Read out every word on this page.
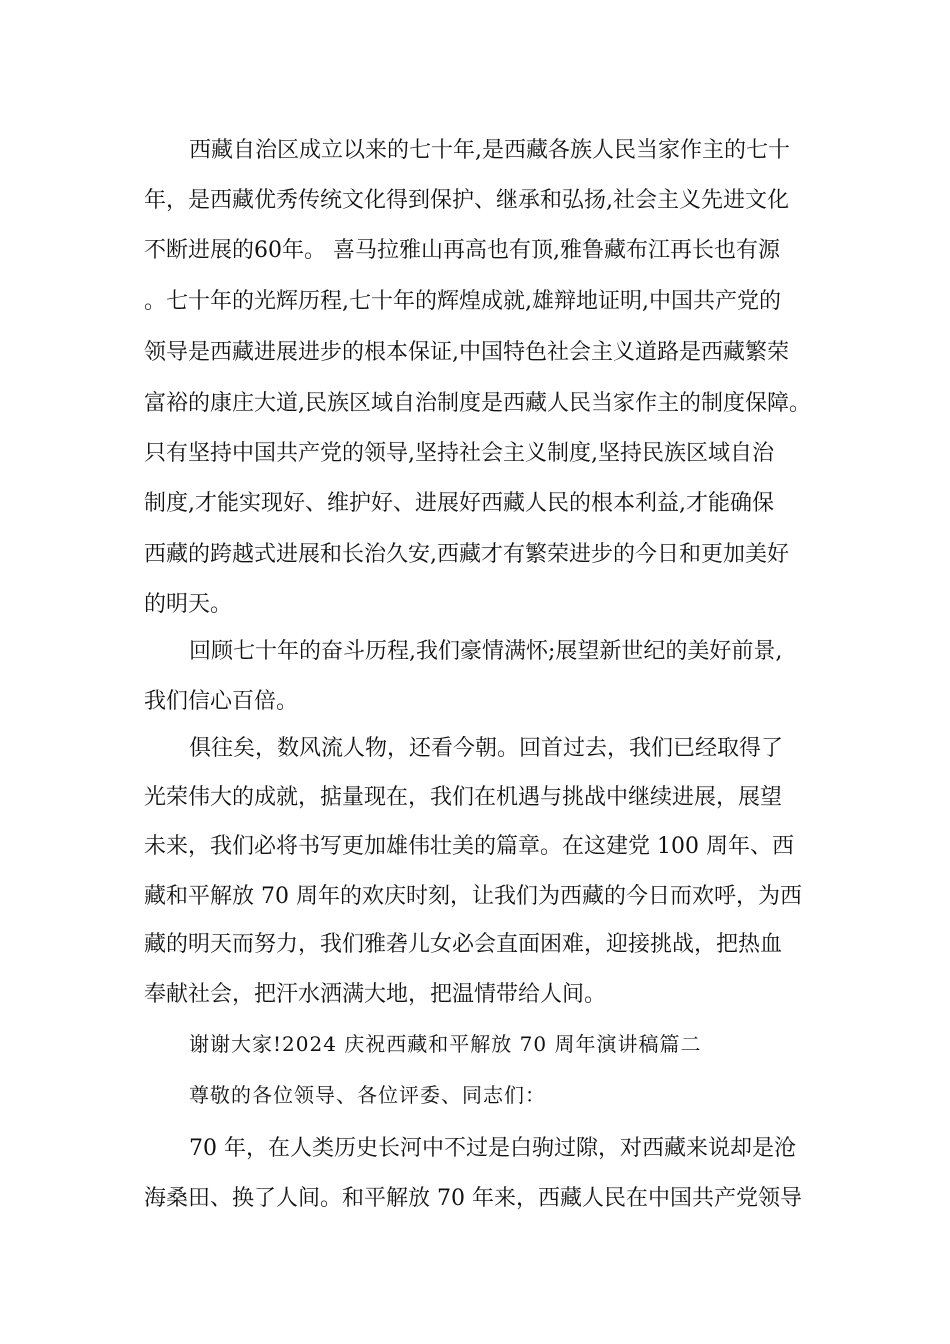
西藏自治区成立以来的七十年,是西藏各族人民当家作主的七十

年，是西藏优秀传统文化得到保护、继承和弘扬,社会主义先进文化

不断进展的60年。 喜马拉雅山再高也有顶,雅鲁藏布江再长也有源

。七十年的光辉历程,七十年的辉煌成就,雄辩地证明,中国共产党的

领导是西藏进展进步的根本保证,中国特色社会主义道路是西藏繁荣

富裕的康庄大道,民族区域自治制度是西藏人民当家作主的制度保障。

只有坚持中国共产党的领导,坚持社会主义制度,坚持民族区域自治

制度,才能实现好、维护好、进展好西藏人民的根本利益,才能确保

西藏的跨越式进展和长治久安,西藏才有繁荣进步的今日和更加美好

的明天。

回顾七十年的奋斗历程,我们豪情满怀;展望新世纪的美好前景,

我们信心百倍。

俱往矣，数风流人物，还看今朝。回首过去，我们已经取得了

光荣伟大的成就，掂量现在，我们在机遇与挑战中继续进展，展望

未来，我们必将书写更加雄伟壮美的篇章。在这建党 100 周年、西

藏和平解放 70 周年的欢庆时刻，让我们为西藏的今日而欢呼，为西

藏的明天而努力，我们雅砻儿女必会直面困难，迎接挑战，把热血

奉献社会，把汗水洒满大地，把温情带给人间。

谢谢大家!2024 庆祝西藏和平解放 70 周年演讲稿篇二

尊敬的各位领导、各位评委、同志们：

70 年，在人类历史长河中不过是白驹过隙，对西藏来说却是沧

海桑田、换了人间。和平解放 70 年来，西藏人民在中国共产党领导
